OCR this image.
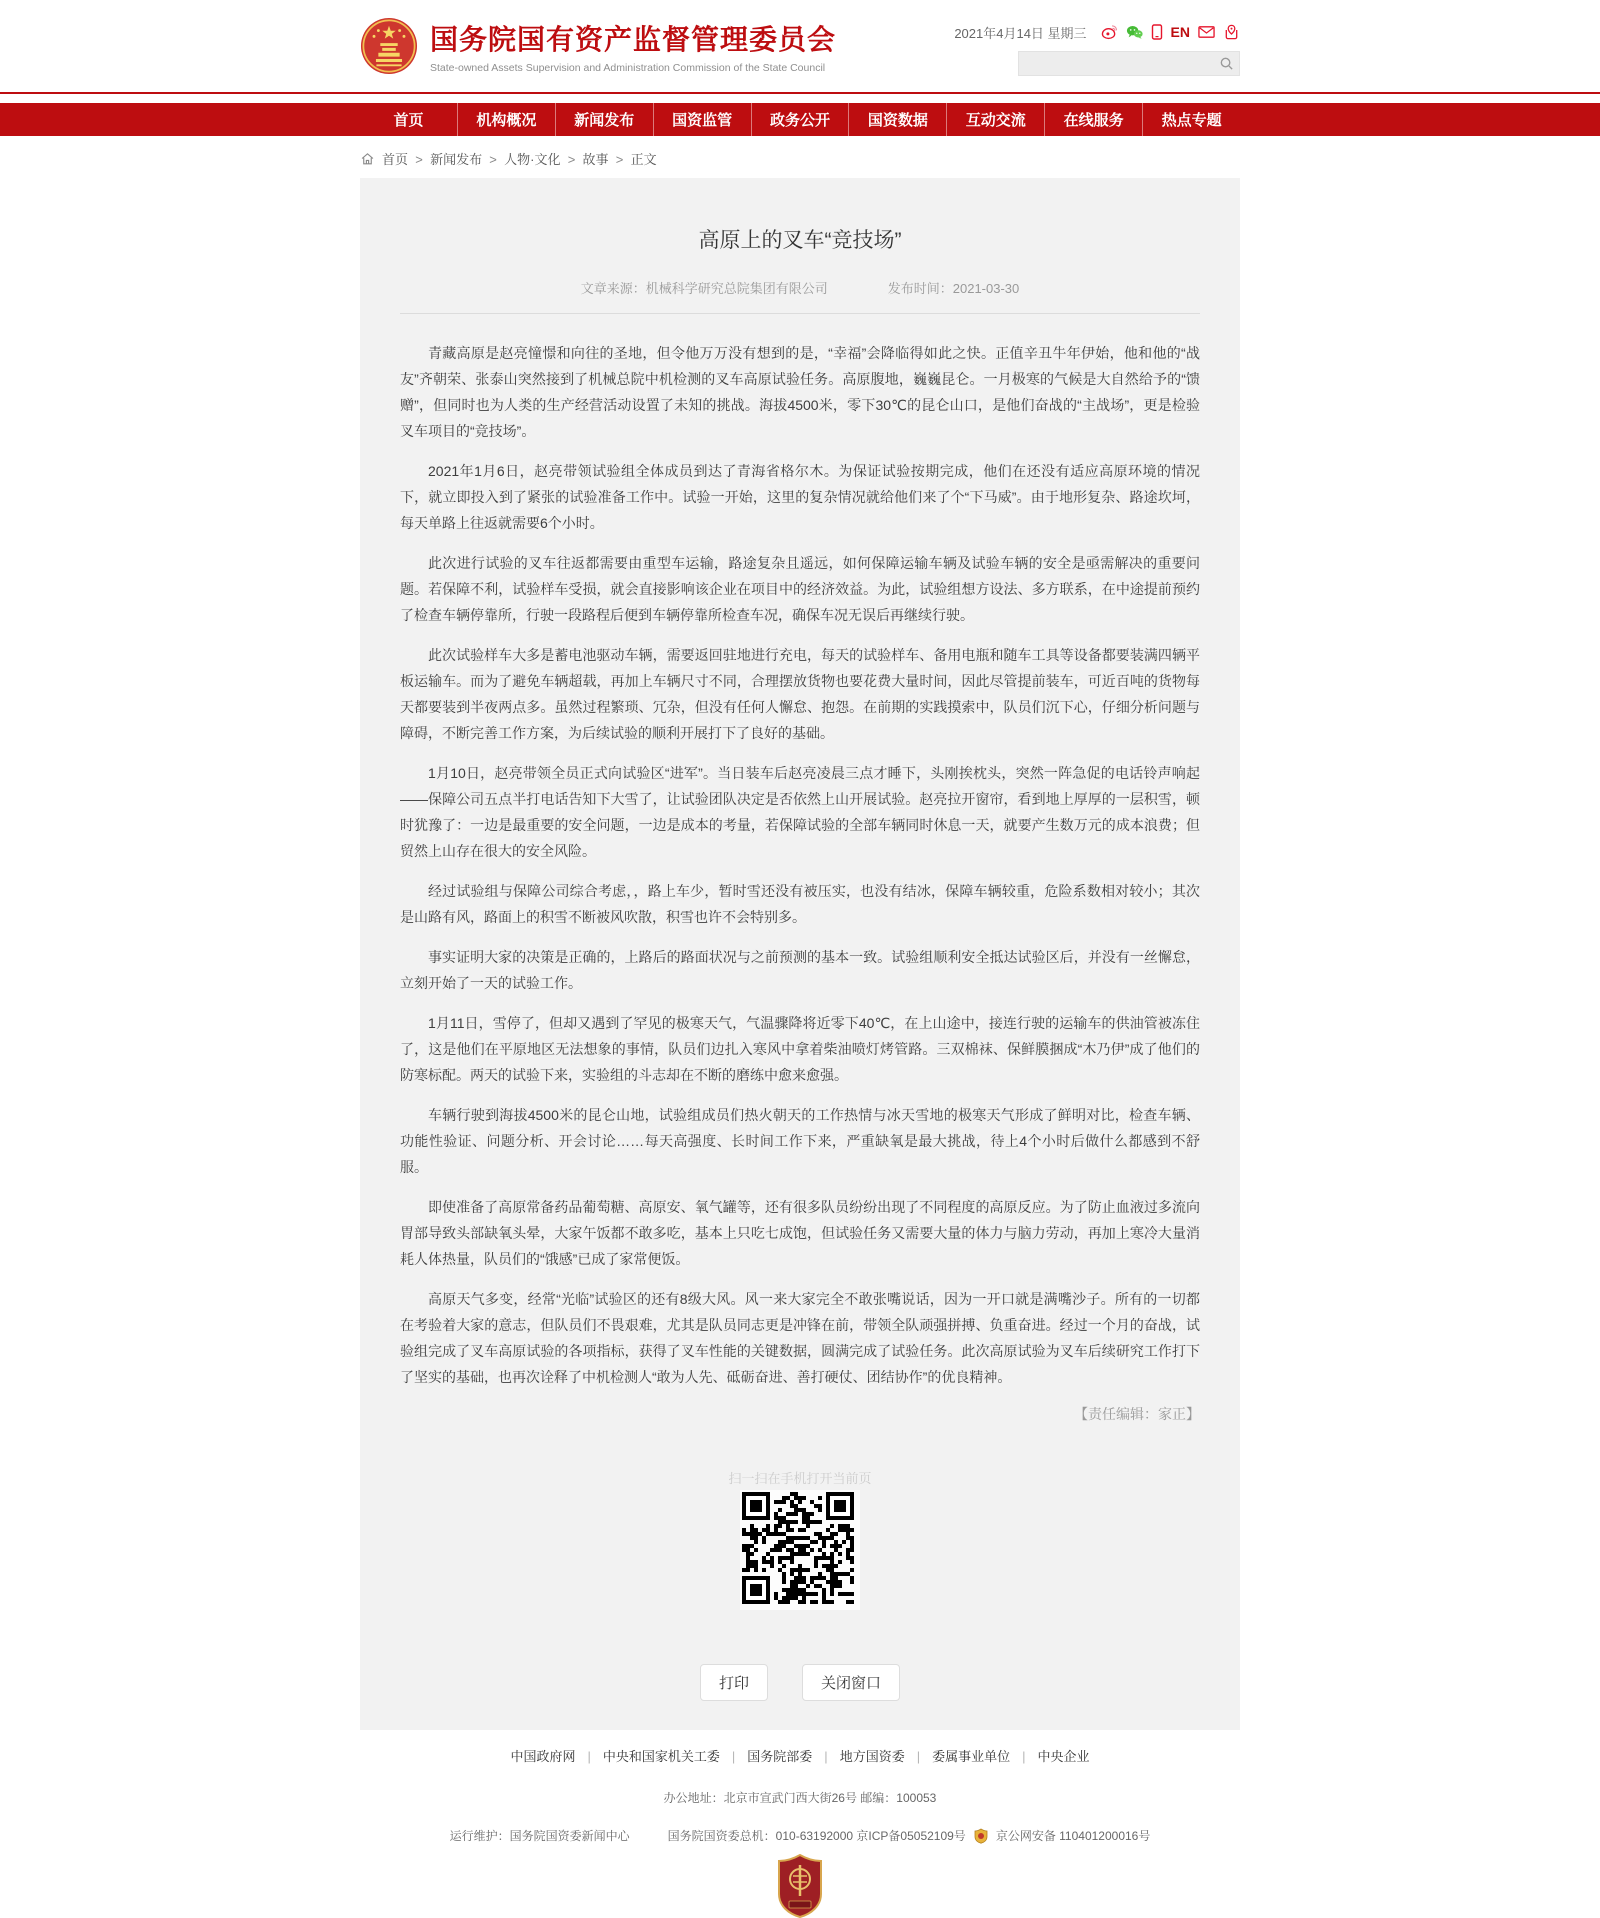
国务院国有资产监督管理委员会
State-owned Assets Supervision and Administration Commission of the State Council
2021年4月14日 星期三	EN
首页	机构概况	新闻发布	国资监管	政务公开	国资数据	互动交流	在线服务	热点专题
首页  >	新闻发布  >	人物·文化  >	故事  >	正文
高原上的叉车“竞技场”
文章来源：机械科学研究总院集团有限公司	发布时间：2021-03-30

青藏高原是赵亮憧憬和向往的圣地，但令他万万没有想到的是，“幸福”会降临得如此之快。正值辛丑牛年伊始，他和他的“战友”齐朝荣、张泰山突然接到了机械总院中机检测的叉车高原试验任务。高原腹地，巍巍昆仑。一月极寒的气候是大自然给予的“馈赠”，但同时也为人类的生产经营活动设置了未知的挑战。海拔4500米，零下30℃的昆仑山口，是他们奋战的“主战场”，更是检验叉车项目的“竞技场”。

2021年1月6日，赵亮带领试验组全体成员到达了青海省格尔木。为保证试验按期完成，他们在还没有适应高原环境的情况下，就立即投入到了紧张的试验准备工作中。试验一开始，这里的复杂情况就给他们来了个“下马威”。由于地形复杂、路途坎坷，每天单路上往返就需要6个小时。

此次进行试验的叉车往返都需要由重型车运输，路途复杂且遥远，如何保障运输车辆及试验车辆的安全是亟需解决的重要问题。若保障不利，试验样车受损，就会直接影响该企业在项目中的经济效益。为此，试验组想方设法、多方联系，在中途提前预约了检查车辆停靠所，行驶一段路程后便到车辆停靠所检查车况，确保车况无误后再继续行驶。

此次试验样车大多是蓄电池驱动车辆，需要返回驻地进行充电，每天的试验样车、备用电瓶和随车工具等设备都要装满四辆平板运输车。而为了避免车辆超载，再加上车辆尺寸不同，合理摆放货物也要花费大量时间，因此尽管提前装车，可近百吨的货物每天都要装到半夜两点多。虽然过程繁琐、冗杂，但没有任何人懈怠、抱怨。在前期的实践摸索中，队员们沉下心，仔细分析问题与障碍，不断完善工作方案，为后续试验的顺利开展打下了良好的基础。

1月10日，赵亮带领全员正式向试验区“进军”。当日装车后赵亮凌晨三点才睡下，头刚挨枕头，突然一阵急促的电话铃声响起——保障公司五点半打电话告知下大雪了，让试验团队决定是否依然上山开展试验。赵亮拉开窗帘，看到地上厚厚的一层积雪，顿时犹豫了：一边是最重要的安全问题，一边是成本的考量，若保障试验的全部车辆同时休息一天，就要产生数万元的成本浪费；但贸然上山存在很大的安全风险。

经过试验组与保障公司综合考虑，，路上车少，暂时雪还没有被压实，也没有结冰，保障车辆较重，危险系数相对较小；其次是山路有风，路面上的积雪不断被风吹散，积雪也许不会特别多。

事实证明大家的决策是正确的，上路后的路面状况与之前预测的基本一致。试验组顺利安全抵达试验区后，并没有一丝懈怠，立刻开始了一天的试验工作。

1月11日，雪停了，但却又遇到了罕见的极寒天气，气温骤降将近零下40℃，在上山途中，接连行驶的运输车的供油管被冻住了，这是他们在平原地区无法想象的事情，队员们边扎入寒风中拿着柴油喷灯烤管路。三双棉袜、保鲜膜捆成“木乃伊”成了他们的防寒标配。两天的试验下来，实验组的斗志却在不断的磨练中愈来愈强。

车辆行驶到海拔4500米的昆仑山地，试验组成员们热火朝天的工作热情与冰天雪地的极寒天气形成了鲜明对比，检查车辆、功能性验证、问题分析、开会讨论……每天高强度、长时间工作下来，严重缺氧是最大挑战，待上4个小时后做什么都感到不舒服。

即使准备了高原常备药品葡萄糖、高原安、氧气罐等，还有很多队员纷纷出现了不同程度的高原反应。为了防止血液过多流向胃部导致头部缺氧头晕，大家午饭都不敢多吃，基本上只吃七成饱，但试验任务又需要大量的体力与脑力劳动，再加上寒冷大量消耗人体热量，队员们的“饿感”已成了家常便饭。

高原天气多变，经常“光临”试验区的还有8级大风。风一来大家完全不敢张嘴说话，因为一开口就是满嘴沙子。所有的一切都在考验着大家的意志，但队员们不畏艰难，尤其是队员同志更是冲锋在前，带领全队顽强拼搏、负重奋进。经过一个月的奋战，试验组完成了叉车高原试验的各项指标，获得了叉车性能的关键数据，圆满完成了试验任务。此次高原试验为叉车后续研究工作打下了坚实的基础，也再次诠释了中机检测人“敢为人先、砥砺奋进、善打硬仗、团结协作”的优良精神。

【责任编辑：家正】
扫一扫在手机打开当前页
打印	关闭窗口
中国政府网 | 中央和国家机关工委 | 国务院部委 | 地方国资委 | 委属事业单位 | 中央企业
办公地址：北京市宣武门西大街26号 邮编：100053
运行维护：国务院国资委新闻中心	国务院国资委总机：010-63192000 京ICP备05052109号	京公网安备 110401200016号
